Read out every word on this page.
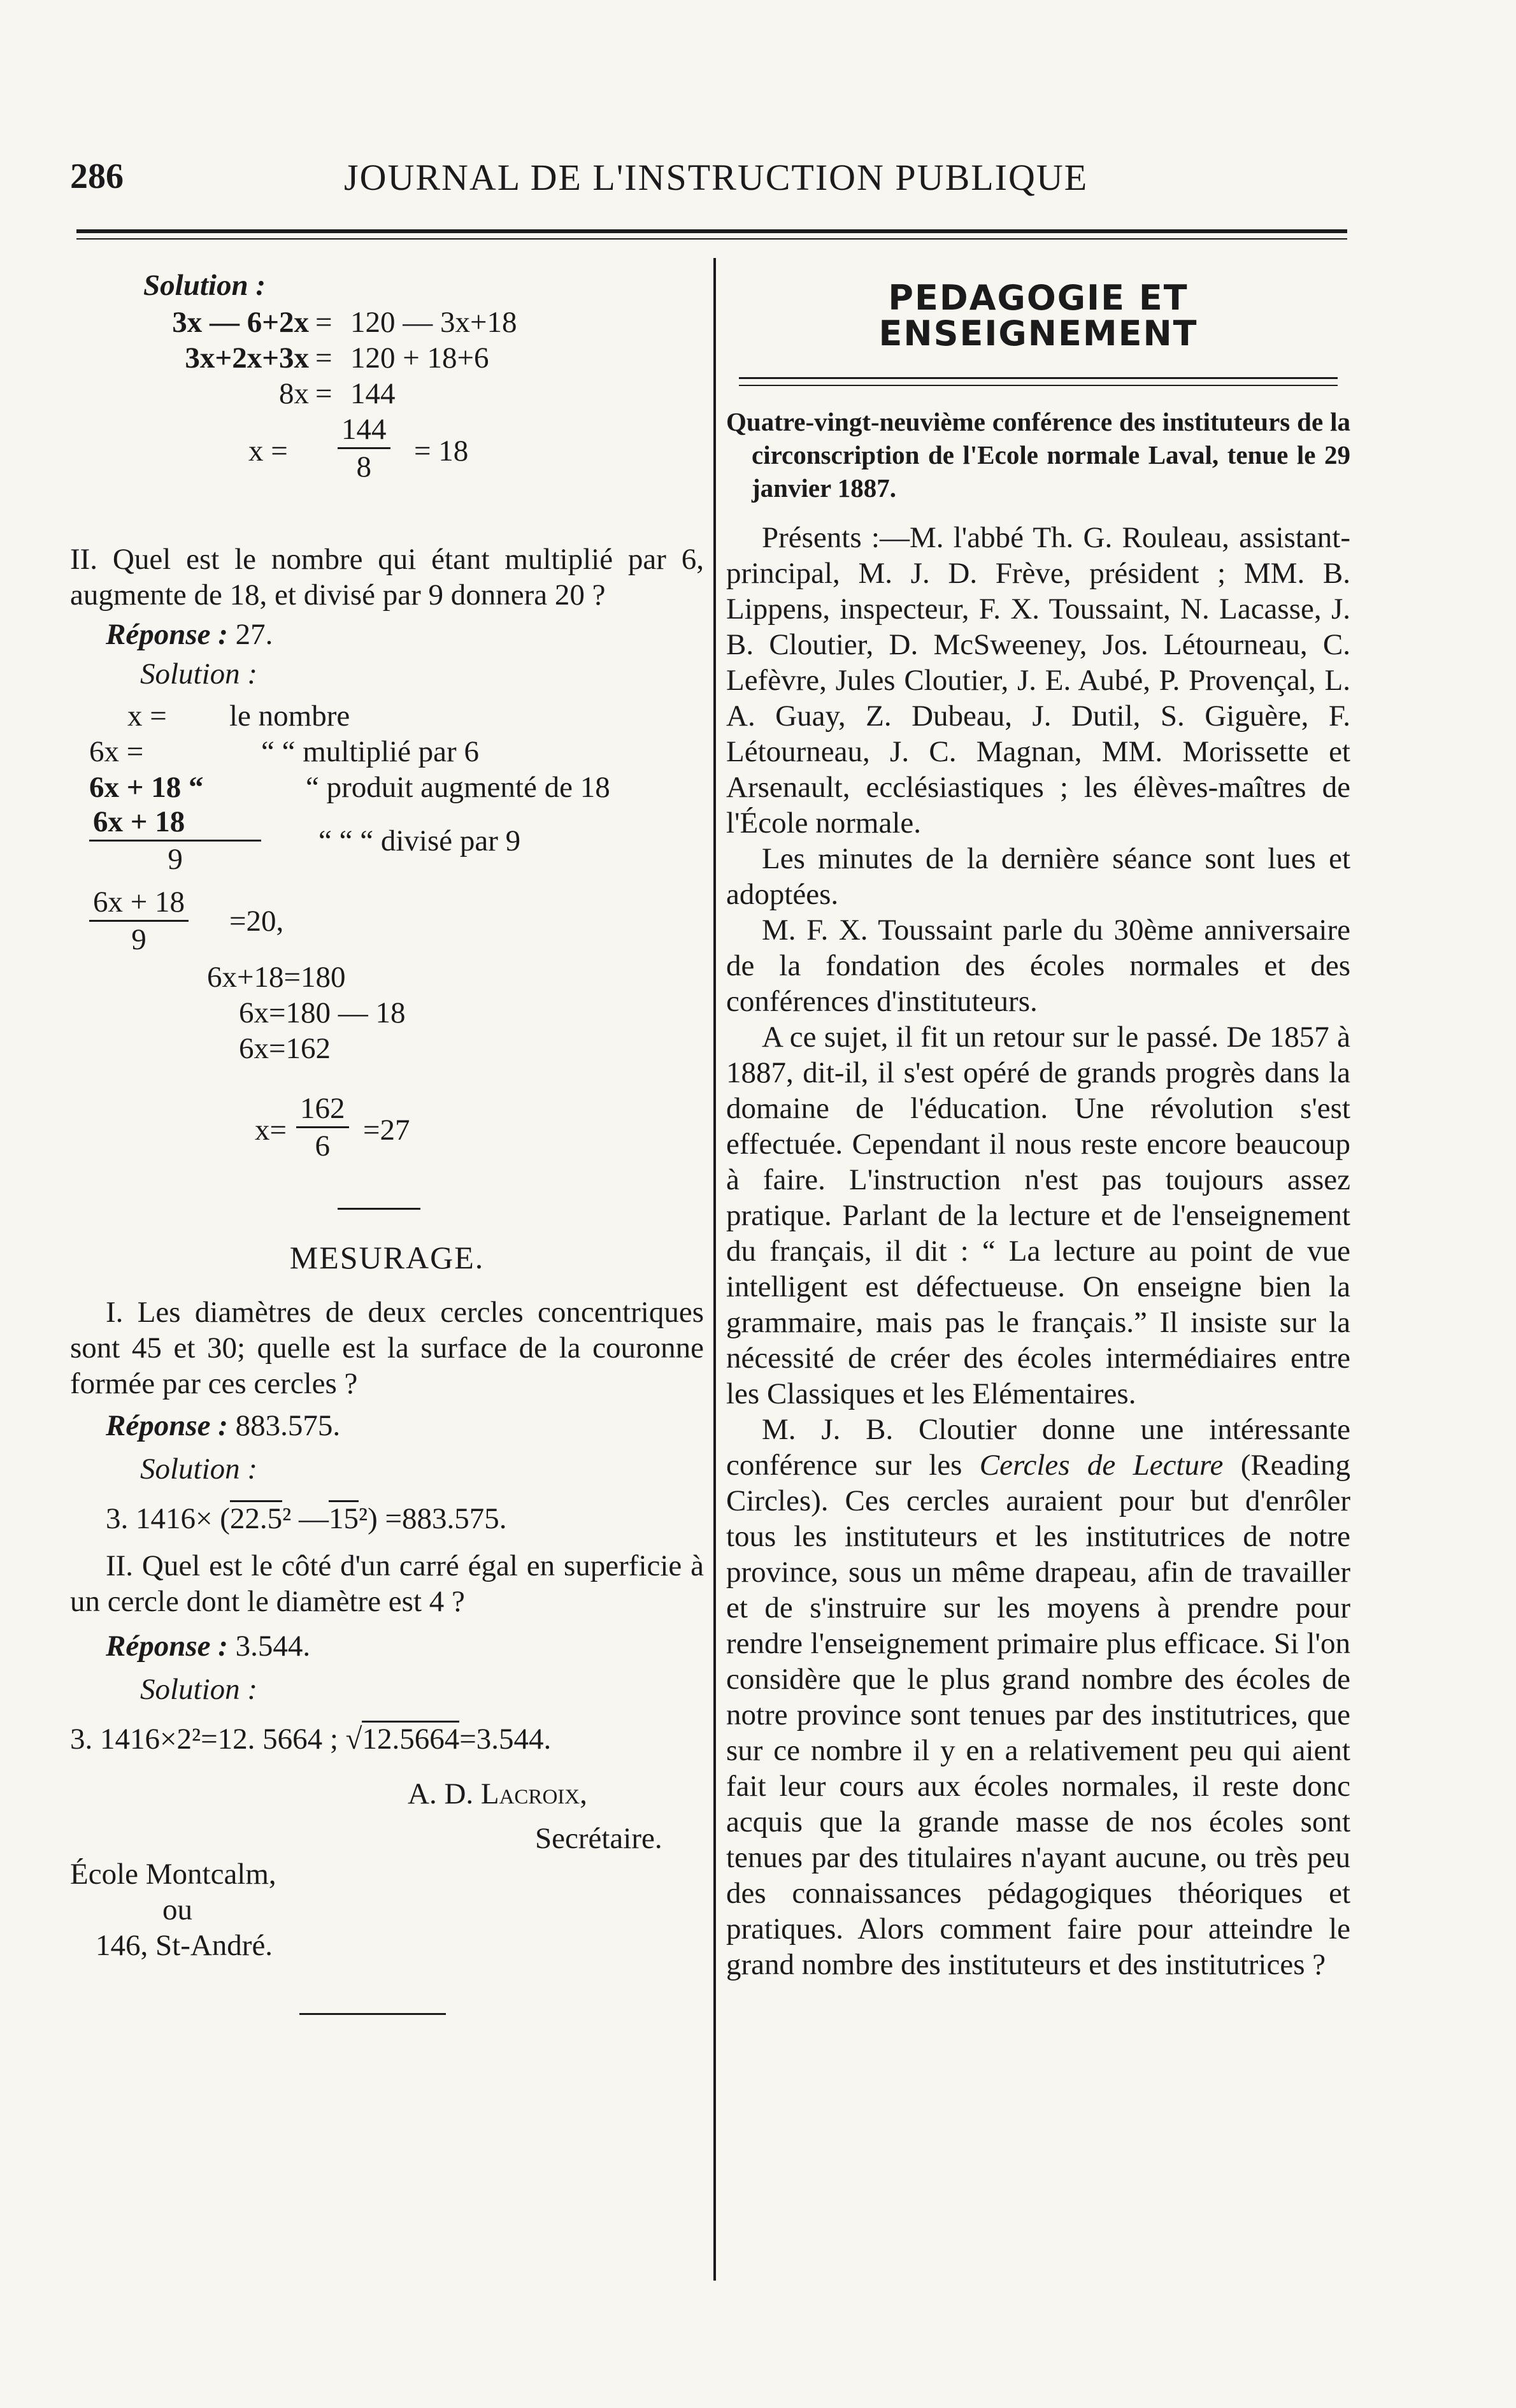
286	JOURNAL DE L'INSTRUCTION PUBLIQUE
Solution :
3x — 6+2x = 120 — 3x+18
3x+2x+3x = 120 + 18+6
8x = 144
$x = \frac{144}{8} = 18$

II. Quel est le nombre qui étant multiplié par 6, augmente de 18, et divisé par 9 donnera 20 ?

Réponse : 27.
Solution :
x = le nombre
6x =	“ “ multiplié par 6
6x + 18 “	“ produit augmenté de 18
$\frac{6x + 18}{9}$ “ “ “ divisé par 9
$\frac{6x + 18}{9} =20$,
6x+18=180
6x=180 — 18
6x=162
$x= \frac{162}{6} =27$
MESURAGE.

I. Les diamètres de deux cercles concentriques sont 45 et 30; quelle est la surface de la couronne formée par ces cercles ?

Réponse : 883.575.
Solution :
3. 1416× (22.5² —15²) =883.575.

II. Quel est le côté d'un carré égal en superficie à un cercle dont le diamètre est 4 ?

Réponse : 3.544.
Solution :
3. 1416×2²=12. 5664 ; √12.5664=3.544.
A. D. Lacroix,
Secrétaire.
École Montcalm,
ou
146, St-André.
PEDAGOGIE ET ENSEIGNEMENT

Quatre-vingt-neuvième conférence des instituteurs de la circonscription de l'Ecole normale Laval, tenue le 29 janvier 1887.

Présents :—M. l'abbé Th. G. Rouleau, assistant-principal, M. J. D. Frève, président ; MM. B. Lippens, inspecteur, F. X. Toussaint, N. Lacasse, J. B. Cloutier, D. McSweeney, Jos. Létourneau, C. Lefèvre, Jules Cloutier, J. E. Aubé, P. Provençal, L. A. Guay, Z. Dubeau, J. Dutil, S. Giguère, F. Létourneau, J. C. Magnan, MM. Morissette et Arsenault, ecclésiastiques ; les élèves-maîtres de l'École normale.

Les minutes de la dernière séance sont lues et adoptées.

M. F. X. Toussaint parle du 30ème anniversaire de la fondation des écoles normales et des conférences d'instituteurs.

A ce sujet, il fit un retour sur le passé. De 1857 à 1887, dit-il, il s'est opéré de grands progrès dans la domaine de l'éducation. Une révolution s'est effectuée. Cependant il nous reste encore beaucoup à faire. L'instruction n'est pas toujours assez pratique. Parlant de la lecture et de l'enseignement du français, il dit : “ La lecture au point de vue intelligent est défectueuse. On enseigne bien la grammaire, mais pas le français.” Il insiste sur la nécessité de créer des écoles intermédiaires entre les Classiques et les Elémentaires.

M. J. B. Cloutier donne une intéressante conférence sur les Cercles de Lecture (Reading Circles). Ces cercles auraient pour but d'enrôler tous les instituteurs et les institutrices de notre province, sous un même drapeau, afin de travailler et de s'instruire sur les moyens à prendre pour rendre l'enseignement primaire plus efficace. Si l'on considère que le plus grand nombre des écoles de notre province sont tenues par des institutrices, que sur ce nombre il y en a relativement peu qui aient fait leur cours aux écoles normales, il reste donc acquis que la grande masse de nos écoles sont tenues par des titulaires n'ayant aucune, ou très peu des connaissances pédagogiques théoriques et pratiques. Alors comment faire pour atteindre le grand nombre des instituteurs et des institutrices ?
